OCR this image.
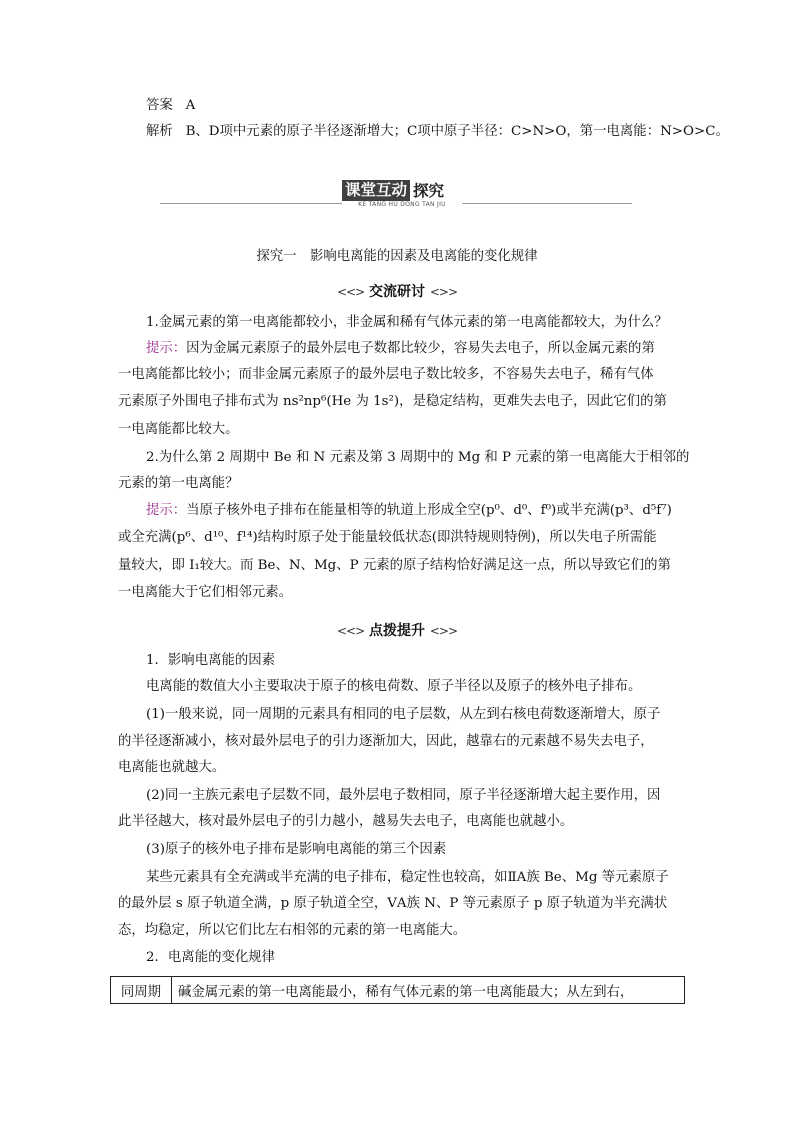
答案 A
解析 B、D项中元素的原子半径逐渐增大；C项中原子半径：C>N>O，第一电离能：N>O>C。
课堂互动 探究
KE TANG HU DONG TAN JIU
探究一　影响电离能的因素及电离能的变化规律
<<> 交流研讨 <>>
1.金属元素的第一电离能都较小，非金属和稀有气体元素的第一电离能都较大，为什么？
提示：因为金属元素原子的最外层电子数都比较少，容易失去电子，所以金属元素的第
一电离能都比较小；而非金属元素原子的最外层电子数比较多，不容易失去电子，稀有气体
元素原子外围电子排布式为 ns²np⁶(He 为 1s²)，是稳定结构，更难失去电子，因此它们的第
一电离能都比较大。
2.为什么第 2 周期中 Be 和 N 元素及第 3 周期中的 Mg 和 P 元素的第一电离能大于相邻的
元素的第一电离能？
提示：当原子核外电子排布在能量相等的轨道上形成全空(p⁰、d⁰、f⁰)或半充满(p³、d⁵f⁷)
或全充满(p⁶、d¹⁰、f¹⁴)结构时原子处于能量较低状态(即洪特规则特例)，所以失电子所需能
量较大，即 I₁较大。而 Be、N、Mg、P 元素的原子结构恰好满足这一点，所以导致它们的第
一电离能大于它们相邻元素。
<<> 点拨提升 <>>
1．影响电离能的因素
电离能的数值大小主要取决于原子的核电荷数、原子半径以及原子的核外电子排布。
(1)一般来说，同一周期的元素具有相同的电子层数，从左到右核电荷数逐渐增大，原子
的半径逐渐减小，核对最外层电子的引力逐渐加大，因此，越靠右的元素越不易失去电子，
电离能也就越大。
(2)同一主族元素电子层数不同，最外层电子数相同，原子半径逐渐增大起主要作用，因
此半径越大，核对最外层电子的引力越小，越易失去电子，电离能也就越小。
(3)原子的核外电子排布是影响电离能的第三个因素
某些元素具有全充满或半充满的电子排布，稳定性也较高，如ⅡA族 Be、Mg 等元素原子
的最外层 s 原子轨道全满，p 原子轨道全空，ⅤA族 N、P 等元素原子 p 原子轨道为半充满状
态，均稳定，所以它们比左右相邻的元素的第一电离能大。
2．电离能的变化规律
同周期	碱金属元素的第一电离能最小，稀有气体元素的第一电离能最大；从左到右，
